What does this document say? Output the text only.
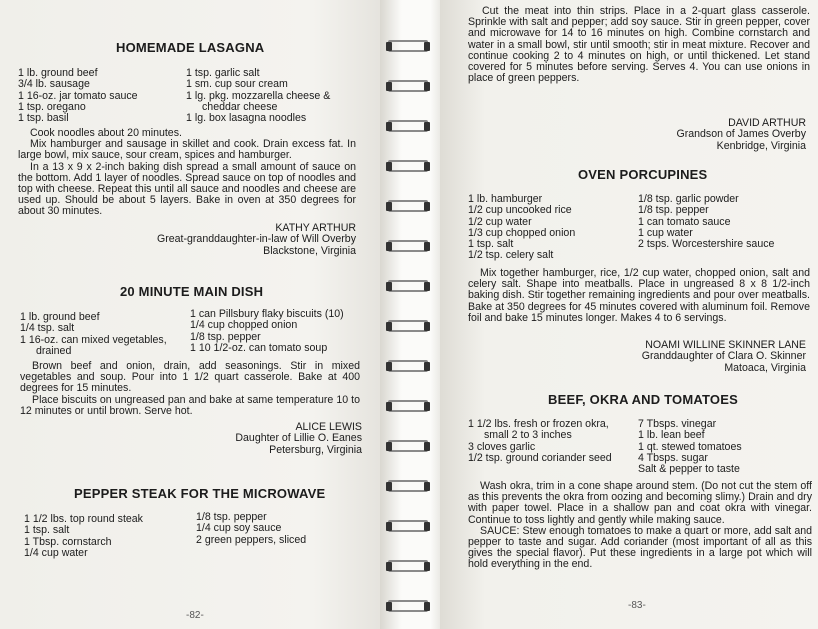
HOMEMADE LASAGNA
1 lb. ground beef
3/4 lb. sausage
1 16-oz. jar tomato sauce
1 tsp. oregano
1 tsp. basil
1 tsp. garlic salt
1 sm. cup sour cream
1 lg. pkg. mozzarella cheese &
cheddar cheese
1 lg. box lasagna noodles

Cook noodles about 20 minutes.

Mix hamburger and sausage in skillet and cook. Drain excess fat. In large bowl, mix sauce, sour cream, spices and hamburger.

In a 13 x 9 x 2-inch baking dish spread a small amount of sauce on the bottom. Add 1 layer of noodles. Spread sauce on top of noodles and top with cheese. Repeat this until all sauce and noodles and cheese are used up. Should be about 5 layers. Bake in oven at 350 degrees for about 30 minutes.

KATHY ARTHUR
Great-granddaughter-in-law of Will Overby
Blackstone, Virginia
20 MINUTE MAIN DISH
1 lb. ground beef
1/4 tsp. salt
1 16-oz. can mixed vegetables,
drained
1 can Pillsbury flaky biscuits (10)
1/4 cup chopped onion
1/8 tsp. pepper
1 10 1/2-oz. can tomato soup

Brown beef and onion, drain, add seasonings. Stir in mixed vegetables and soup. Pour into 1 1/2 quart casserole. Bake at 400 degrees for 15 minutes.

Place biscuits on ungreased pan and bake at same temperature 10 to 12 minutes or until brown. Serve hot.

ALICE LEWIS
Daughter of Lillie O. Eanes
Petersburg, Virginia
PEPPER STEAK FOR THE MICROWAVE
1 1/2 lbs. top round steak
1 tsp. salt
1 Tbsp. cornstarch
1/4 cup water
1/8 tsp. pepper
1/4 cup soy sauce
2 green peppers, sliced
-82-

Cut the meat into thin strips. Place in a 2-quart glass casserole. Sprinkle with salt and pepper; add soy sauce. Stir in green pepper, cover and microwave for 14 to 16 minutes on high. Combine cornstarch and water in a small bowl, stir until smooth; stir in meat mixture. Recover and continue cooking 2 to 4 minutes on high, or until thickened. Let stand covered for 5 minutes before serving. Serves 4. You can use onions in place of green peppers.

DAVID ARTHUR
Grandson of James Overby
Kenbridge, Virginia
OVEN PORCUPINES
1 lb. hamburger
1/2 cup uncooked rice
1/2 cup water
1/3 cup chopped onion
1 tsp. salt
1/2 tsp. celery salt
1/8 tsp. garlic powder
1/8 tsp. pepper
1 can tomato sauce
1 cup water
2 tsps. Worcestershire sauce

Mix together hamburger, rice, 1/2 cup water, chopped onion, salt and celery salt. Shape into meatballs. Place in ungreased 8 x 8 1/2-inch baking dish. Stir together remaining ingredients and pour over meatballs. Bake at 350 degrees for 45 minutes covered with aluminum foil. Remove foil and bake 15 minutes longer. Makes 4 to 6 servings.

NOAMI WILLINE SKINNER LANE
Granddaughter of Clara O. Skinner
Matoaca, Virginia
BEEF, OKRA AND TOMATOES
1 1/2 lbs. fresh or frozen okra,
small 2 to 3 inches
3 cloves garlic
1/2 tsp. ground coriander seed
7 Tbsps. vinegar
1 lb. lean beef
1 qt. stewed tomatoes
4 Tbsps. sugar
Salt & pepper to taste

Wash okra, trim in a cone shape around stem. (Do not cut the stem off as this prevents the okra from oozing and becoming slimy.) Drain and dry with paper towel. Place in a shallow pan and coat okra with vinegar. Continue to toss lightly and gently while making sauce.

SAUCE: Stew enough tomatoes to make a quart or more, add salt and pepper to taste and sugar. Add coriander (most important of all as this gives the special flavor). Put these ingredients in a large pot which will hold everything in the end.

-83-
